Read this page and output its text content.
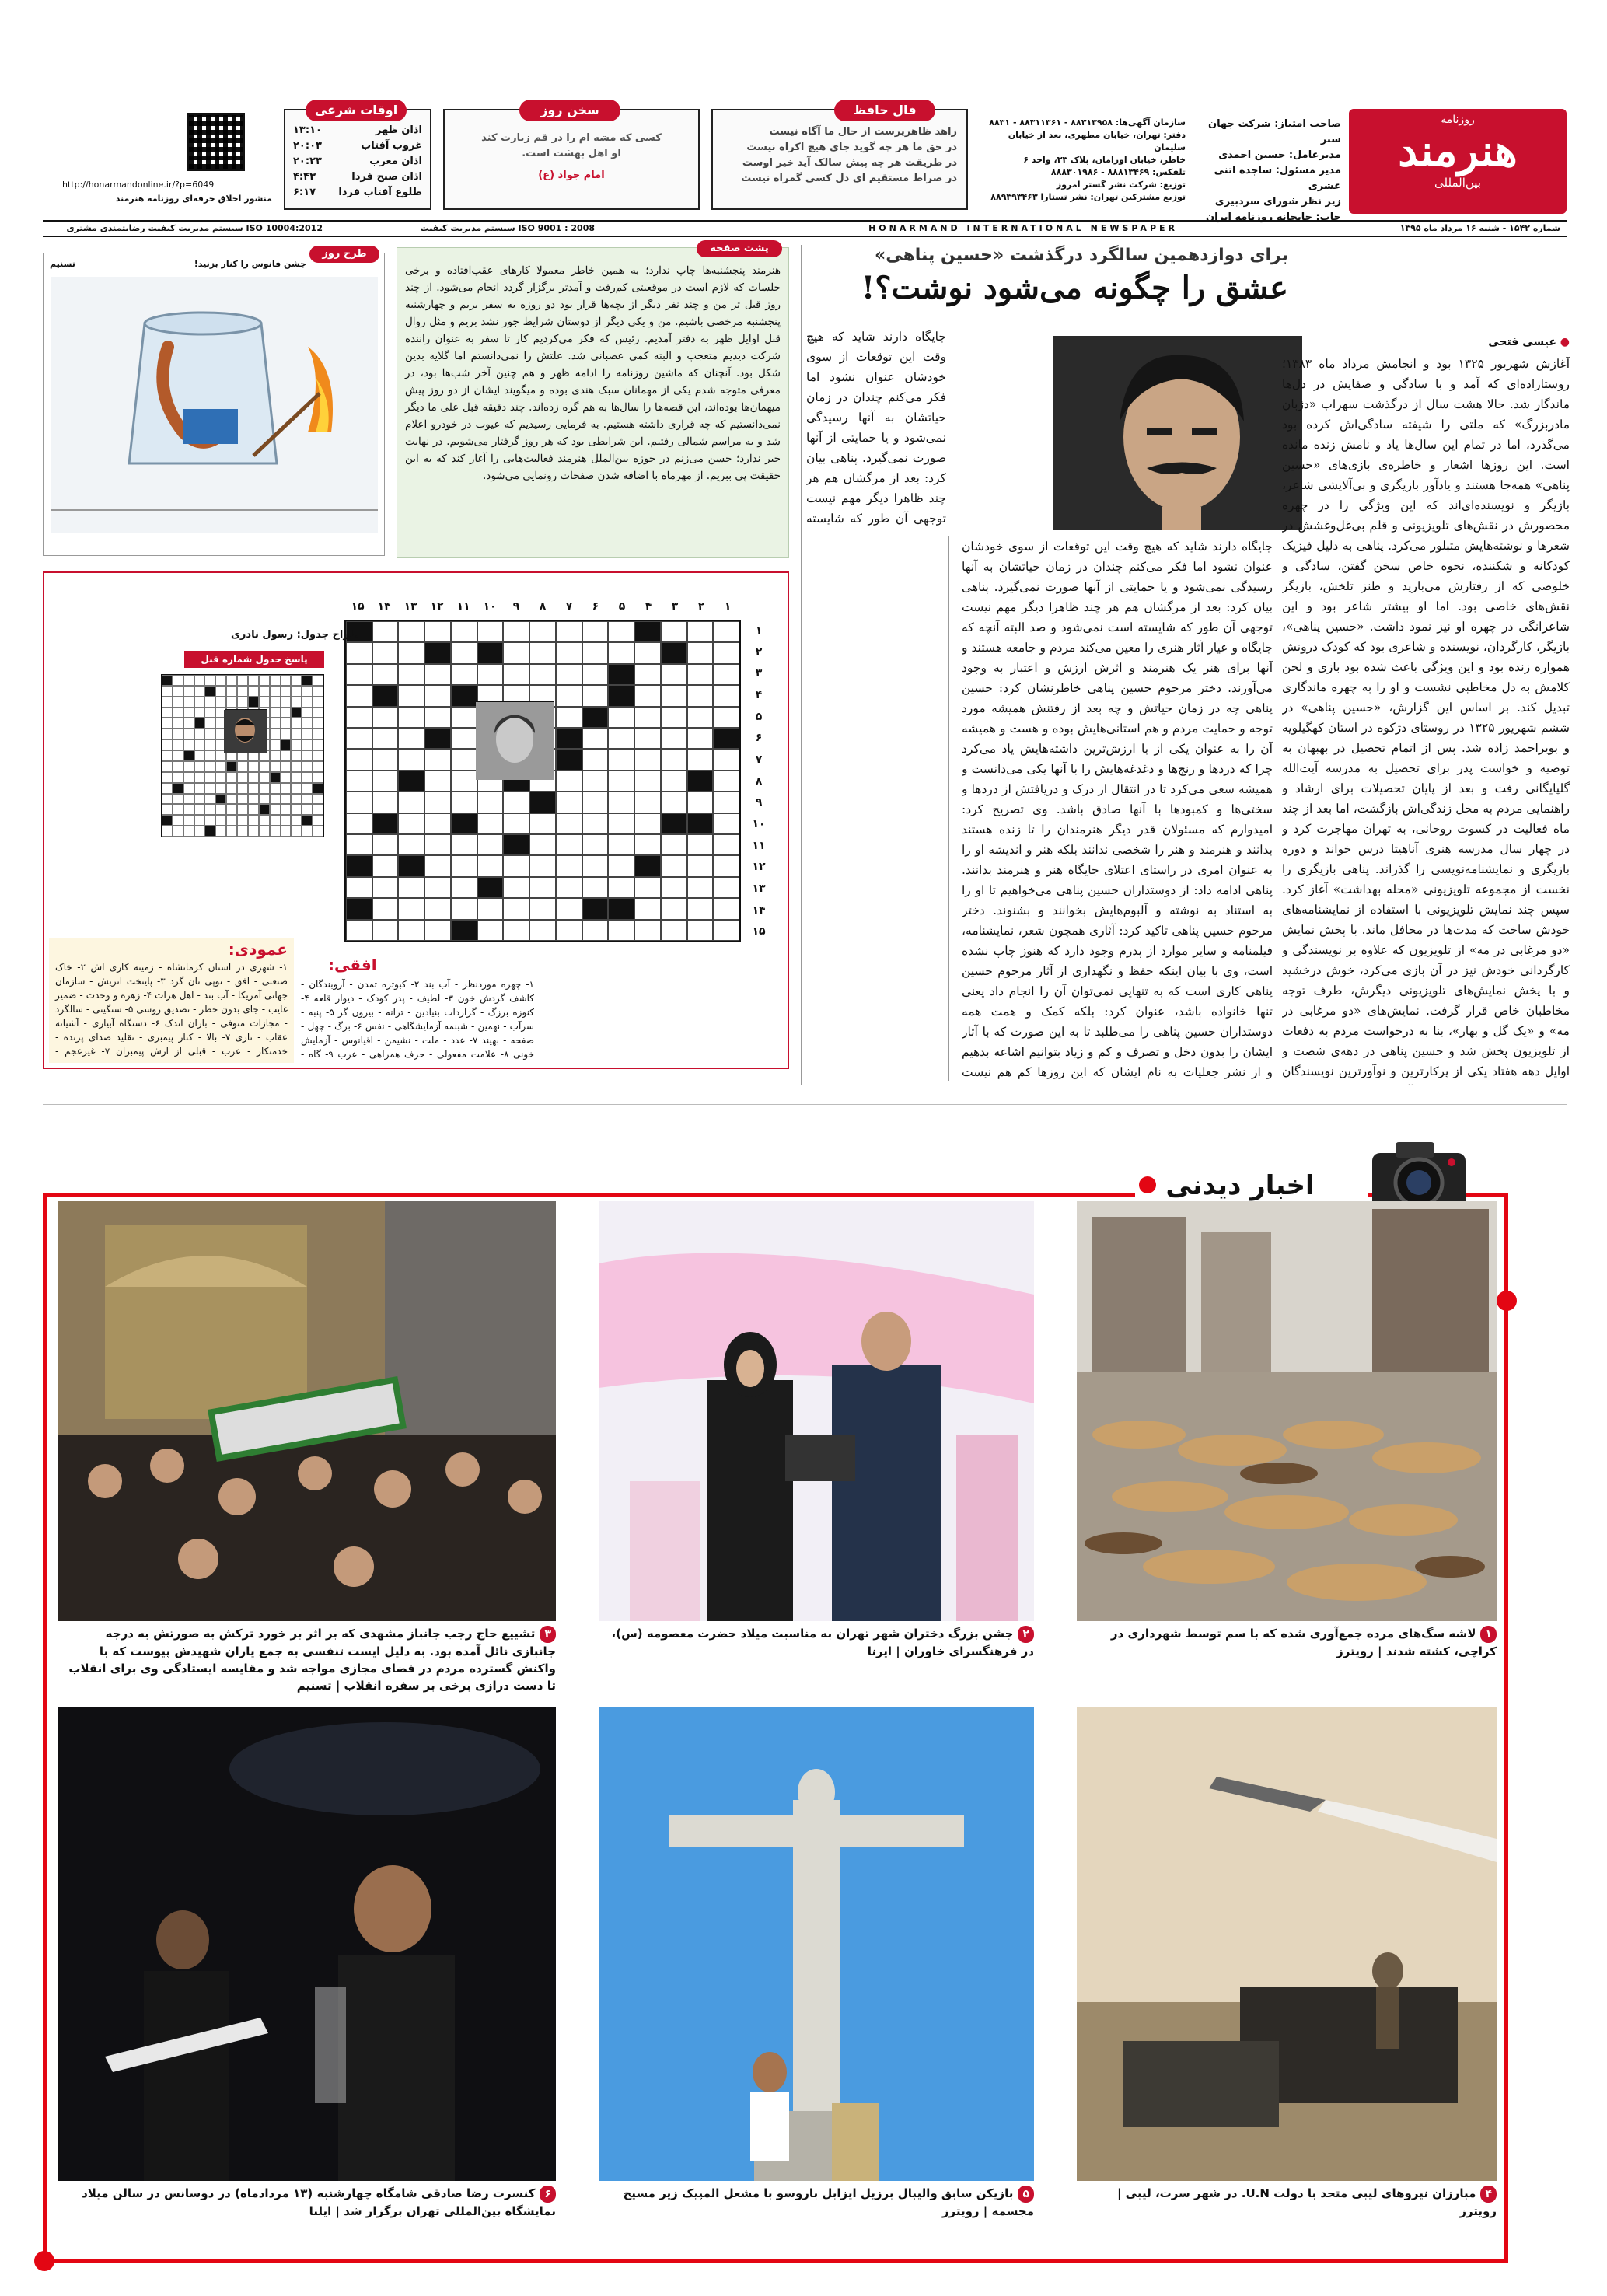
روزنامه
هنرمند
بین‌المللی
صاحب امتیاز: شرکت جهان سبز
مدیرعامل: حسین احمدی
مدیر مسئول: ساجده اتنی عشری
زیر نظر شورای سردبیری
چاپ: چاپخانه روزنامه ایران
سازمان آگهی‌ها: ۸۸۳۱۳۹۵۸ - ۸۸۳۱۱۳۶۱ - ۸۸۳۱
دفتر: تهران، خیابان مطهری، بعد از خیابان سلیمان
خاطر، خیابان اورامان، پلاک ۳۳، واحد ۶
تلفکس: ۸۸۸۱۳۴۶۹ - ۸۸۸۳۰۱۹۸۶
توزیع: شرکت نشر گستر امروز
توزیع مشترکین تهران: نشر تستارا ۸۸۹۳۹۳۴۶۳
فال حافظ
زاهد ظاهرپرست از حال ما آگاه نیست
در حق ما هر چه گوید جای هیچ اکراه نیست
در طریقت هر چه پیش سالک آید خیر اوست
در صراط مستقیم ای دل کسی گمراه نیست
سخن روز
کسی که مشه ام را در قم زیارت کند
او اهل بهشت است.
امام جواد (ع)
اوقات شرعی
اذان ظهر
۱۳:۱۰
غروب آفتاب
۲۰:۰۳
اذان مغرب
۲۰:۲۳
اذان صبح فردا
۴:۴۳
طلوع آفتاب فردا
۶:۱۷
http://honarmandonline.ir/?p=6049
منشور اخلاق حرفه‌ای روزنامه هنرمند
شماره ۱۵۴۲ - شنبه ۱۶ مرداد ماه ۱۳۹۵
HONARMAND INTERNATIONAL NEWSPAPER
ISO 9001 : 2008 سیستم مدیریت کیفیت
ISO 10004:2012 سیستم مدیریت کیفیت رضایتمندی مشتری
برای دوازدهمین سالگرد درگذشت «حسین پناهی»
عشق را چگونه می‌شود نوشت؟!
● عیسی فتحی
آغازش شهریور ۱۳۲۵ بود و انجامش مرداد ماه ۱۳۸۳؛ روستازاده‌ای که آمد و با سادگی و صفایش در دل‌ها ماندگار شد. حالا هشت سال از درگذشت سهراب «دژبان مادربزرگ» که ملتی را شیفته سادگی‌اش کرده بود می‌گذرد، اما در تمام این سال‌ها یاد و نامش زنده مانده است. این روزها اشعار و خاطره‌ی بازی‌های «حسین پناهی» همه‌جا هستند و یادآور بازیگری و بی‌آلایشی شاعر، بازیگر و نویسنده‌ای‌اند که این ویژگی را در چهره محصور‌ش در نقش‌های تلویزیونی و قلم بی‌غل‌وغشش در شعرها و نوشته‌هایش متبلور می‌کرد. پناهی به دلیل فیزیک کودکانه و شکننده، نحوه خاص سخن گفتن، سادگی و خلوصی که از رفتارش می‌بارید و طنز تلخش، بازیگر نقش‌های خاصی بود. اما او بیشتر شاعر بود و این شاعرانگی در چهره او نیز نمود داشت. «حسین پناهی»، بازیگر، کارگردان، نویسنده و شاعری بود که کودک درونش همواره زنده بود و این ویژگی باعث شده بود بازی و لحن کلامش به دل مخاطبی نشست و او را به چهره ماندگاری تبدیل کند. بر اساس این گزارش، «حسین پناهی» در ششم شهریور ۱۳۲۵ در روستای دژکوه در استان کهگیلویه و بویراحمد زاده شد. پس از اتمام تحصیل در بهبهان به توصیه و خواست پدر برای تحصیل به مدرسه آیت‌الله گلپایگانی رفت و بعد از پایان تحصیلات برای ارشاد و راهنمایی مردم به محل زندگی‌اش بازگشت، اما بعد از چند ماه فعالیت در کسوت روحانی، به تهران مهاجرت کرد و در چهار سال مدرسه هنری آناهیتا درس خواند و دوره بازیگری و نمایشنامه‌نویسی را گذراند. پناهی بازیگری را نخست از مجموعه تلویزیونی «محله بهداشت» آغاز کرد. سپس چند نمایش تلویزیونی با استفاده از نمایشنامه‌های خودش ساخت که مدت‌ها در محافل ماند. با پخش نمایش «دو مرغابی در مه» از تلویزیون که علاوه بر نویسندگی و کارگردانی خودش نیز در آن بازی می‌کرد، خوش درخشید و با پخش نمایش‌های تلویزیونی دیگرش، طرف توجه مخاطبان خاص قرار گرفت. نمایش‌های «دو مرغابی در مه» و «یک گل و بهار»، بنا به درخواست مردم به دفعات از تلویزیون پخش شد و حسین پناهی در دهه‌ی شصت و اوایل دهه هفتاد یکی از پرکارترین و نوآورترین نویسندگان
جایگاه دارند شاید که هیچ وقت این توقعات از سوی خودشان عنوان نشود اما فکر می‌کنم چندان در زمان حیاتشان به آنها رسیدگی نمی‌شود و یا حمایتی از آنها صورت نمی‌گیرد. پناهی بیان کرد: بعد از مرگشان هم هر چند ظاهرا دیگر مهم نیست توجهی آن طور که شایسته است نمی‌شود و صد البته آنچه که جایگاه و عیار آثار هنری را معین می‌کند مردم و جامعه هستند و آنها برای هنر یک هنرمند و اثرش ارزش و اعتبار به وجود می‌آورند. دختر مرحوم حسین پناهی خاطرنشان کرد: حسین پناهی چه در زمان حیاتش و چه بعد از رفتنش همیشه مورد توجه و حمایت مردم و هم استانی‌هایش بوده و هست و همیشه آن را به عنوان یکی از با ارزش‌ترین داشته‌هایش یاد می‌کرد چرا که دردها و رنج‌ها و دغدغه‌هایش را با آنها یکی می‌دانست و همیشه سعی می‌کرد تا در انتقال از درک و دریافتش از دردها و سختی‌ها و کمبودها با آنها صادق باشد. وی تصریح کرد: امیدوارم که مسئولان قدر دیگر هنرمندان را تا زنده هستند بدانند و هنرمند و هنر را شخصی ندانند بلکه هنر و اندیشه او را به عنوان امری در راستای اعتلای جایگاه هنر و هنرمند بدانند. پناهی ادامه داد: از دوستداران حسین پناهی می‌خواهیم تا او را به استناد به نوشته و آلبوم‌هایش بخوانند و بشنوند. دختر مرحوم حسین پناهی تاکید کرد: آثاری همچون شعر، نمایشنامه، فیلمنامه و سایر موارد از پدرم وجود دارد که هنوز چاپ نشده است، وی با بیان اینکه حفظ و نگهداری از آثار مرحوم حسین پناهی کاری است که به تنهایی نمی‌توان آن را انجام داد یعنی تنها خانواده باشد، عنوان کرد: بلکه کمک و همت همه دوستداران حسین پناهی را می‌طلبد تا به این صورت که با آثار ایشان را بدون دخل و تصرف و کم و زیاد بتوانیم اشاعه بدهیم و از نشر جعلیات به نام ایشان که این روزها کم هم نیست
جایگاه دارند شاید که هیچ وقت این توقعات از سوی خودشان عنوان نشود اما فکر می‌کنم چندان در زمان حیاتشان به آنها رسیدگی نمی‌شود و یا حمایتی از آنها صورت نمی‌گیرد. پناهی بیان کرد: بعد از مرگشان هم هر چند ظاهرا دیگر مهم نیست توجهی آن طور که شایسته
پشت صفحه
هنرمند پنجشنبه‌ها چاپ ندارد؛ به همین خاطر معمولا کارهای عقب‌افتاده و برخی جلسات که لازم است در موقعیتی کم‌رفت و آمدتر برگزار گردد انجام می‌شود. از چند روز قبل تر من و چند نفر دیگر از بچه‌ها قرار بود دو روزه به سفر بریم و چهارشنبه پنجشنبه مرخصی باشیم. من و یکی دیگر از دوستان شرایط جور نشد بریم و مثل روال قبل اوایل ظهر به دفتر آمدیم. رئیس که فکر می‌کردیم کار تا سفر به عنوان راننده شرکت دیدیم متعجب و البته کمی عصبانی شد. علتش را نمی‌دانستم اما گلایه بدین شکل بود. آنچنان که ماشین روزنامه را ادامه ظهر و هم چنین آخر شب‌ها بود، در معرفی متوجه شدم یکی از مهمانان سبک هندی بوده و میگویند ایشان از دو روز پیش میهمان‌ها بوده‌اند، این قصه‌ها را سال‌ها به هم گره زده‌اند. چند دقیقه قبل علی ما دیگر نمی‌دانستیم که چه قراری داشته هستیم. به فرمایی رسیدیم که عیوب در خودرو اعلام شد و به مراسم شمالی رفتیم. این شرایطی بود که هر روز گرفتار می‌شویم. در نهایت خبر ندارد؛ حسن می‌زنم در حوزه بین‌الملل هنرمند فعالیت‌هایی را آغاز کند که به این حقیقت پی ببریم. از مهرماه با اضافه شدن صفحات رونمایی می‌شود.
طرح روز
جشن فانوس را کنار بزنید!
تسنیم
۱
۲
۳
۴
۵
۶
۷
۸
۹
۱۰
۱۱
۱۲
۱۳
۱۴
۱۵
۱
۲
۳
۴
۵
۶
۷
۸
۹
۱۰
۱۱
۱۲
۱۳
۱۴
۱۵
طراح جدول: رسول نادری
پاسخ جدول شماره قبل
افقی:
۱- چهره موردنظر - آب بند ۲- کبوتره تمدن - آزوبندگان - کاشف گردش خون ۳- لطیف - پدر کودک - دیوار قلعه ۴- کنوزه برزگ - گزاردات بنیادین - ترانه - بیرون گر ۵- پنبه - سرآب - نهمین - شبنمه آزمایشگاهی - نفس ۶- برگ - چهل - صفحه - بهیند ۷- عدد - ملت - نشیمن - اقیانوس - آزمایش خونی ۸- علامت مفعولی - حرف همراهی - عرب ۹- گاه -
عمودی:
۱- شهری در استان کرمانشاه - زمینه کاری اش ۲- خاک صنعتی - افق - توپی نان گرد ۳- پایتخت اتریش - سازمان جهانی آمریکا - آب بند - اهل هرات ۴- زهره و وحدت - ضمیر غایب - جای بدون خطر - تصدیق روسی ۵- سنگینی - سالگرد - مجازات متوفی - باران اندک ۶- دستگاه آبیاری - آشیانه عقاب - تاری ۷- بالا - کنار پیمبری - تقلید صدای پرنده - خدمتکار - عرب - قبلی از ارش پیمبران ۷- غیرعجم -
اخبار دیدنی
۱لاشه سگ‌های مرده جمع‌آوری شده که با سم توسط شهرداری در کراچی، کشته شدند | رویترز
۲جشن بزرگ دختران شهر تهران به مناسبت میلاد حضرت معصومه (س)، در فرهنگسرای خاوران | ایرنا
۳تشییع حاج رجب جانباز مشهدی که بر اثر بر خورد ترکش به صورتش به درجه جانبازی نائل آمده بود. به دلیل ایست تنفسی به جمع یاران شهیدش پیوست که با واکنش گسترده مردم در فضای مجازی مواجه شد و مقایسه ایستادگی وی برای انقلاب تا دست درازی برخی بر سفره انقلاب | تسنیم
۴مبارزان نیروهای لیبی متحد با دولت U.N. در شهر سرت، لیبی | رویترز
۵بازیکن سابق والیبال برزیل ایزابل باروسو با مشعل المپیک زیر مسیح مجسمه | رویترز
۶کنسرت رضا صادقی شامگاه چهارشنبه (۱۳ مردادماه) در دوسانس در سالن میلاد نمایشگاه بین‌المللی تهران برگزار شد | ایلنا
